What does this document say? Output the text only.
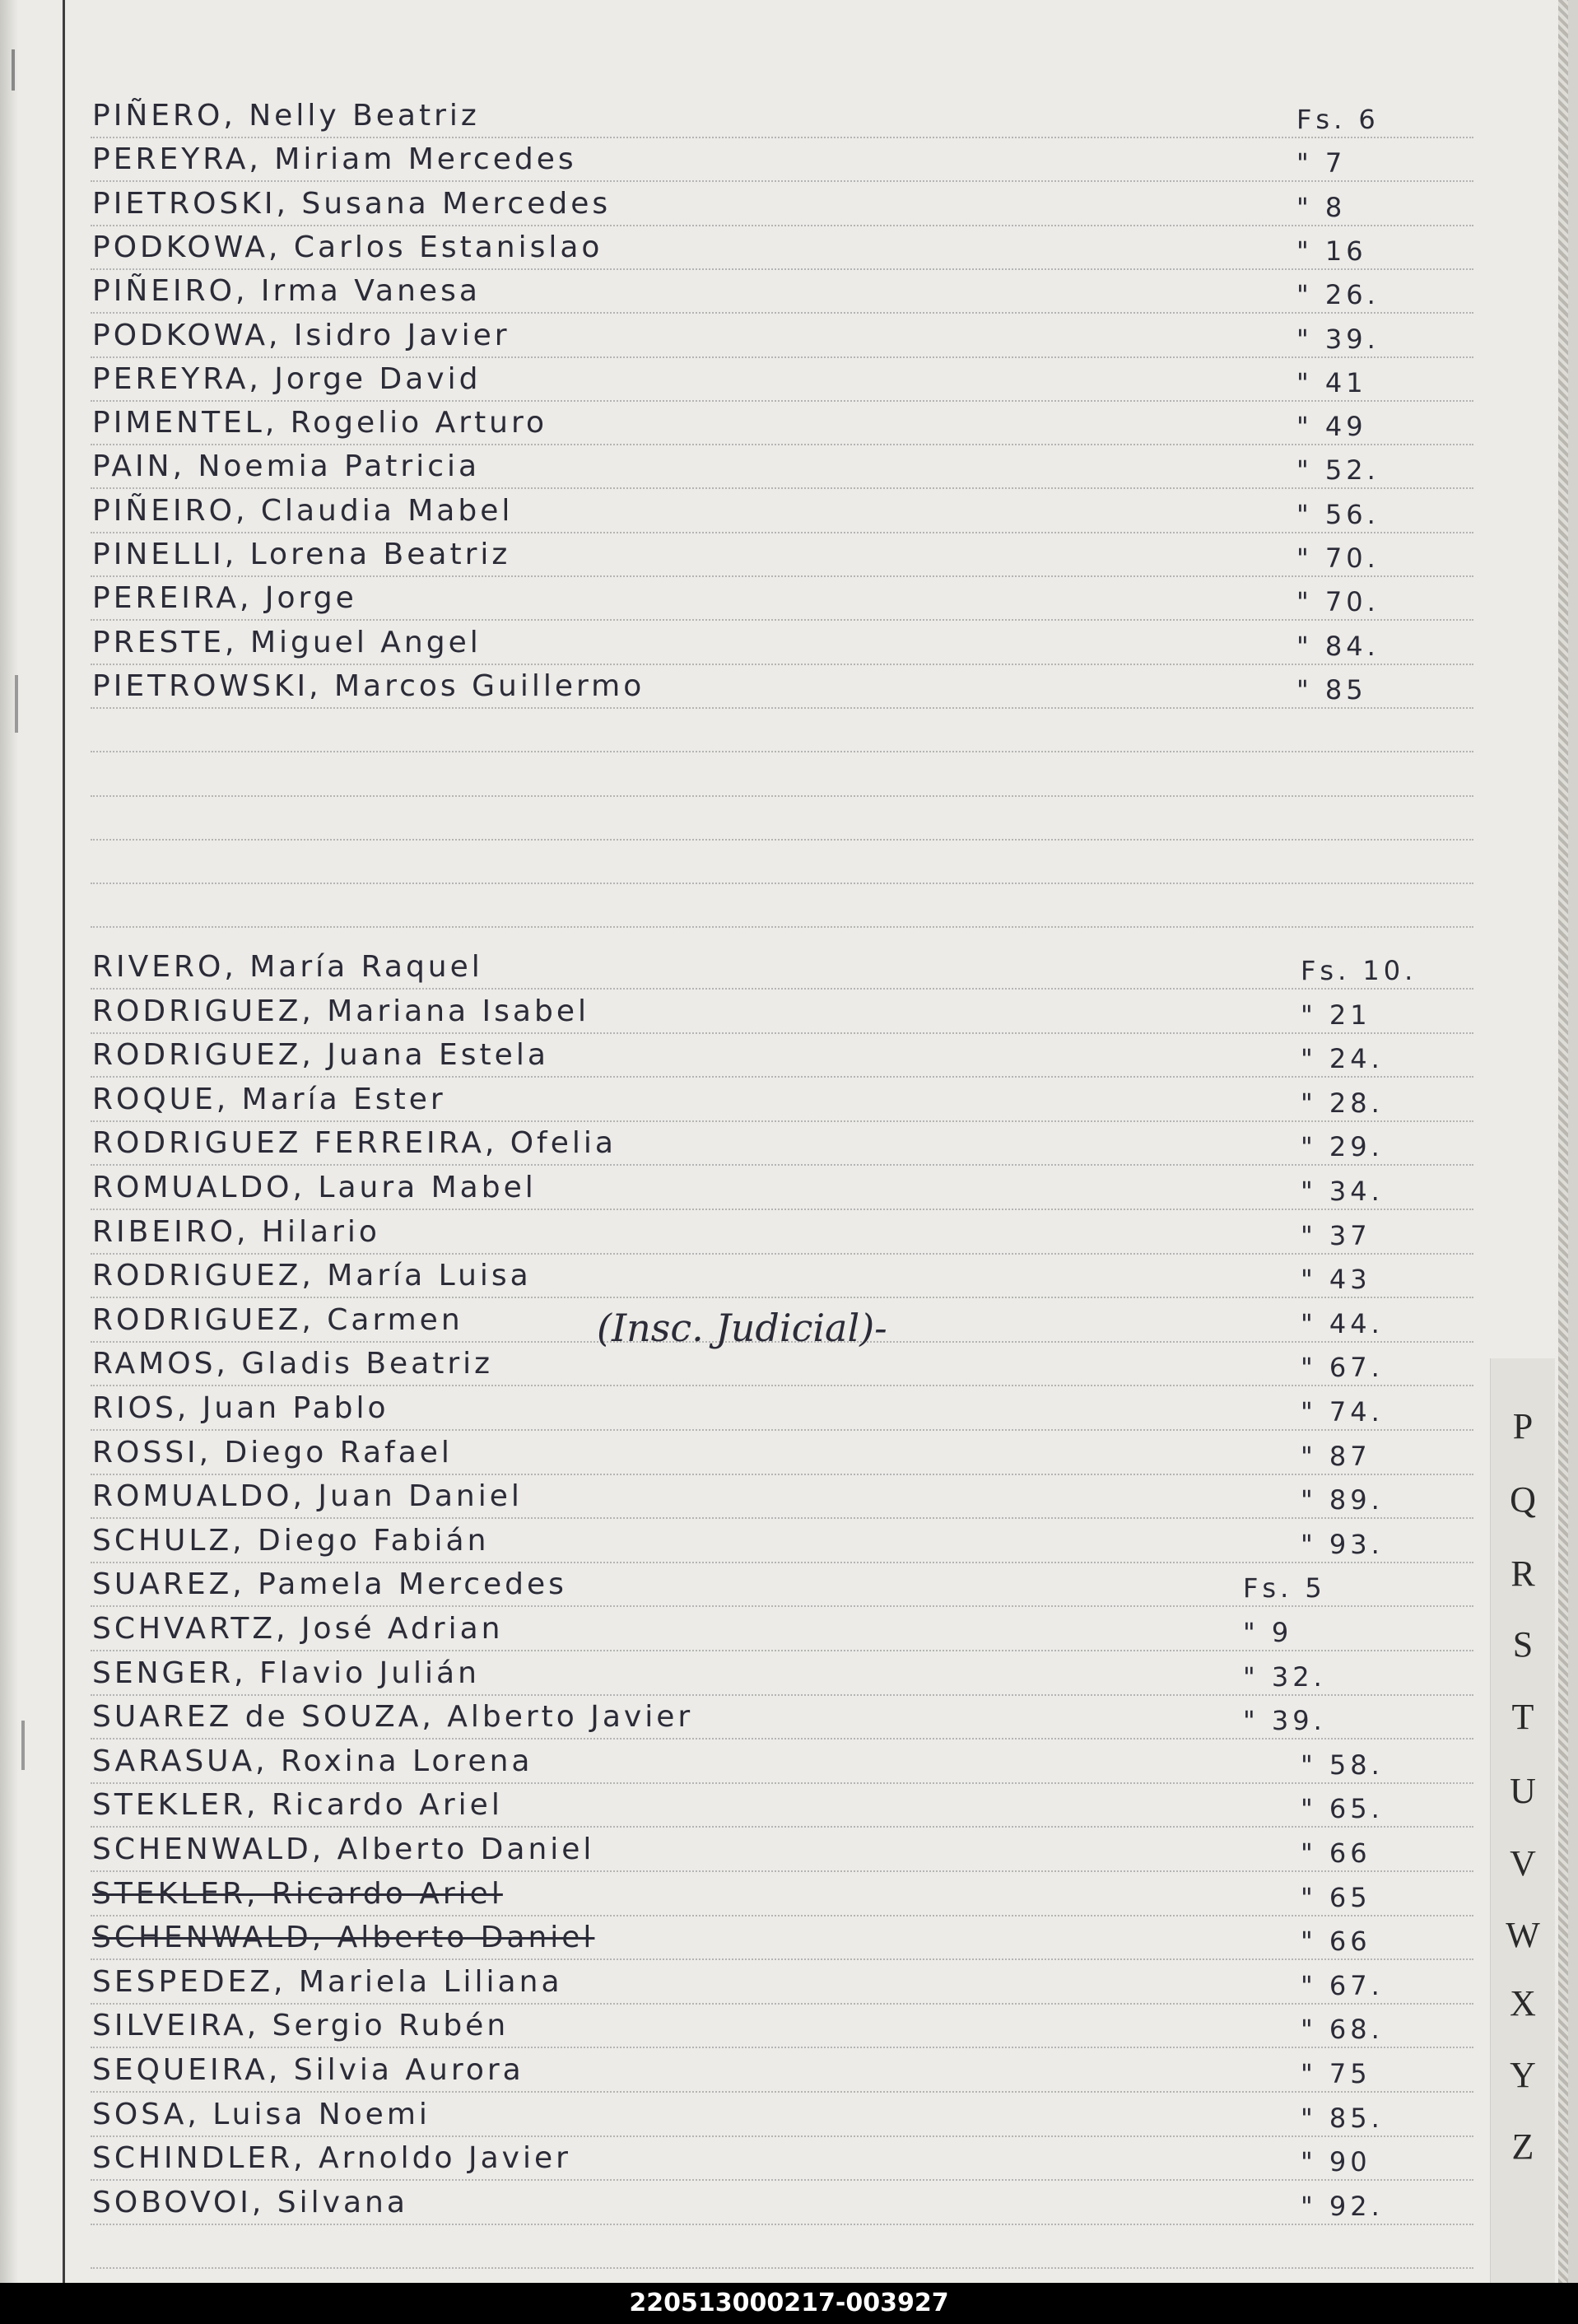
PIÑERO, Nelly Beatriz	Fs. 6
PEREYRA, Miriam Mercedes	" 7
PIETROSKI, Susana Mercedes	" 8
PODKOWA, Carlos Estanislao	" 16
PIÑEIRO, Irma Vanesa	" 26.
PODKOWA, Isidro Javier	" 39.
PEREYRA, Jorge David	" 41
PIMENTEL, Rogelio Arturo	" 49
PAIN, Noemia Patricia	" 52.
PIÑEIRO, Claudia Mabel	" 56.
PINELLI, Lorena Beatriz	" 70.
PEREIRA, Jorge	" 70.
PRESTE, Miguel Angel	" 84.
PIETROWSKI, Marcos Guillermo	" 85
RIVERO, María Raquel	Fs. 10.
RODRIGUEZ, Mariana Isabel	" 21
RODRIGUEZ, Juana Estela	" 24.
ROQUE, María Ester	" 28.
RODRIGUEZ FERREIRA, Ofelia	" 29.
ROMUALDO, Laura Mabel	" 34.
RIBEIRO, Hilario	" 37
RODRIGUEZ, María Luisa	" 43
RODRIGUEZ, Carmen	" 44.
RAMOS, Gladis Beatriz	" 67.
RIOS, Juan Pablo	" 74.
ROSSI, Diego Rafael	" 87
ROMUALDO, Juan Daniel	" 89.
SCHULZ, Diego Fabián	" 93.
SUAREZ, Pamela Mercedes	Fs. 5
SCHVARTZ, José Adrian	" 9
SENGER, Flavio Julián	" 32.
SUAREZ de SOUZA, Alberto Javier	" 39.
SARASUA, Roxina Lorena	" 58.
STEKLER, Ricardo Ariel	" 65.
SCHENWALD, Alberto Daniel	" 66
STEKLER, Ricardo Ariel	" 65
SCHENWALD, Alberto Daniel	" 66
SESPEDEZ, Mariela Liliana	" 67.
SILVEIRA, Sergio Rubén	" 68.
SEQUEIRA, Silvia Aurora	" 75
SOSA, Luisa Noemi	" 85.
SCHINDLER, Arnoldo Javier	" 90
SOBOVOI, Silvana	" 92.
(Insc. Judicial)-
P
Q
R
S
T
U
V
W
X
Y
Z
220513000217-003927
